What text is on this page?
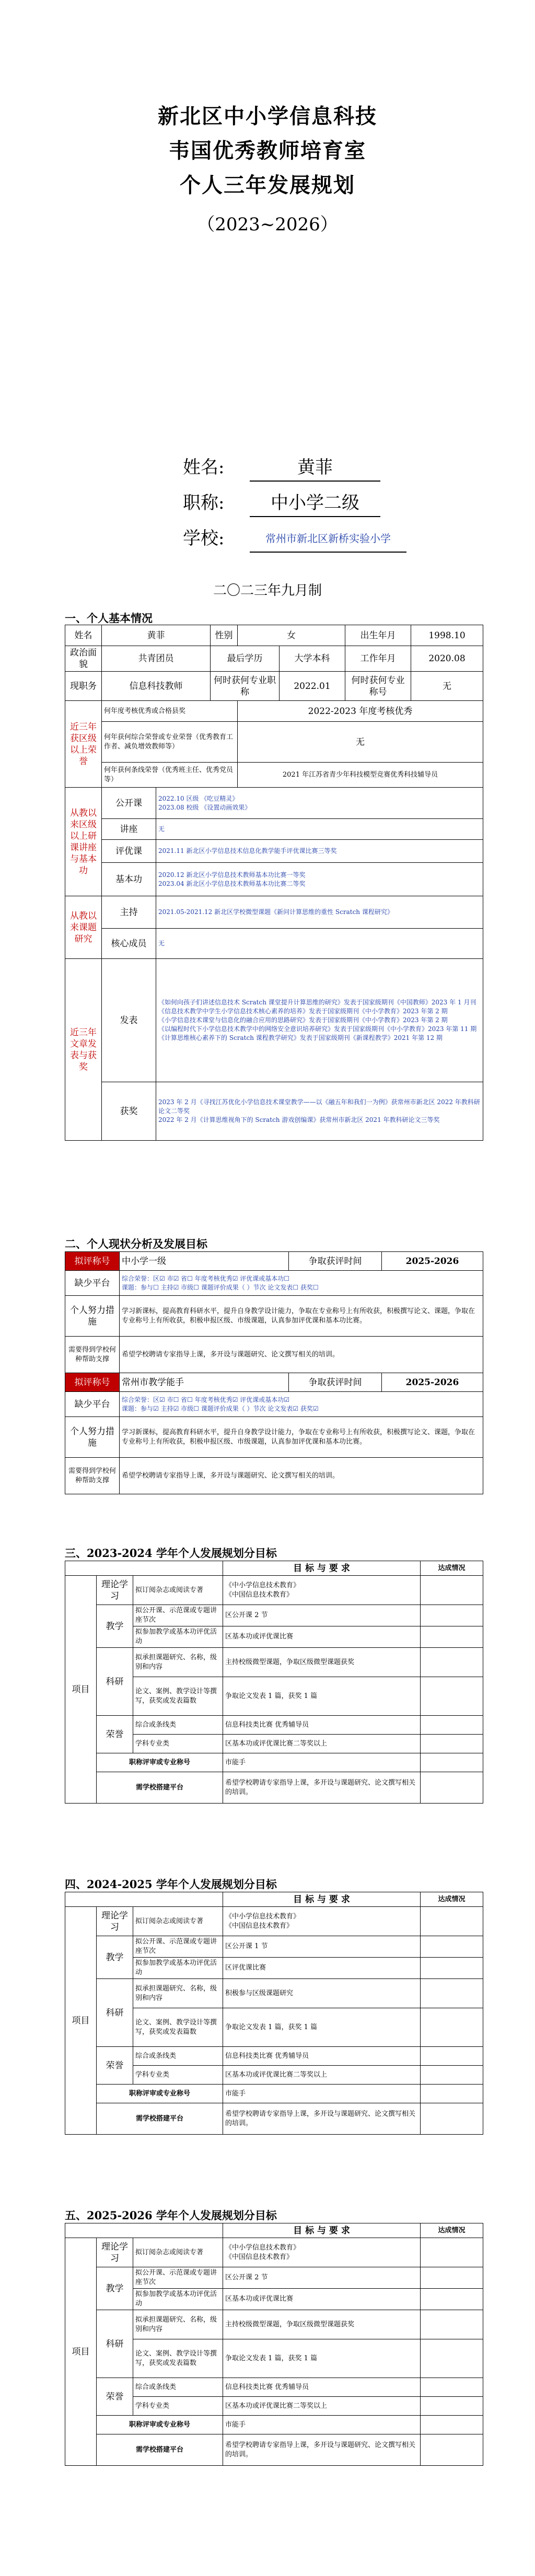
新北区中小学信息科技
韦国优秀教师培育室
个人三年发展规划
（2023~2026）
姓名:	黄菲
职称:	中小学二级
学校:	常州市新北区新桥实验小学
二〇二三年九月制
一、个人基本情况
姓名	黄菲		性别	女		出生年月	1998.10
政治面貌	共青团员		最后学历		大学本科	工作年月	2020.08
现职务	信息科技教师		何时获何专业职称		2022.01	何时获何专业称号	无
近三年获区级以上荣誉	何年度考核优秀或合格县奖			2022-2023 年度考核优秀			
	何年获何综合荣誉或专业荣誉（优秀教育工作者、减负增效教师等）			无			
	何年获何条线荣誉（优秀班主任、优秀党员等）			2021 年江苏省青少年科技模型竞赛优秀科技辅导员			
从教以来区级以上研课讲座与基本功	公开课	2022.10 区级 《吃豆精灵》
2023.08 校级 《设置动画效果》					
	讲座	无					
	评优课	2021.11 新北区小学信息技术信息化教学能手评优课比赛三等奖					
	基本功	2020.12 新北区小学信息技术教师基本功比赛一等奖
2023.04 新北区小学信息技术教师基本功比赛二等奖					
从教以来课题研究	主持	2021.05-2021.12 新北区学校微型课题《新问计算思维的重性 Scratch 课程研究》					
	核心成员	无					
近三年文章发表与获奖	发表	《如何向孩子们讲述信息技术 Scratch 课堂提升计算思维的研究》发表于国家级期刊《中国教师》2023 年 1 月刊
《信息技术教学中学生小学信息技术核心素养的培养》发表于国家级期刊《中小学教育》2023 年第 2 期
《小学信息技术课堂与信息化的融合应用的思路研究》发表于国家级期刊《中小学教育》2023 年第 2 期
《以编程时代下小学信息技术教学中的网络安全意识培养研究》发表于国家级期刊《中小学教育》2023 年第 11 期
《计算思维核心素养下的 Scratch 课程教学研究》发表于国家级期刊《新课程教学》2021 年第 12 期					
	获奖	2023 年 2 月《寻找江苏优化小学信息技术课堂教学——以《融五年和我们一为例》获常州市新北区 2022 年教科研论文二等奖
2022 年 2 月《计算思维视角下的 Scratch 游戏创编课》获常州市新北区 2021 年教科研论文三等奖					
二、个人现状分析及发展目标
拟评称号	中小学一级	争取获评时间	2025-2026
缺少平台	综合荣誉：区☑ 市☑ 省☐ 年度考核优秀☑ 评优课或基本功☐
课题：参与☐ 主持☑ 市级☐ 课题评价成果（ ）节次 论文发表☐ 获奖☐		

个人努力措施	学习新课标，提高教育科研水平，提升自身教学设计能力，争取在专业称号上有所收获，积极撰写论文、课题，争取在专业称号上有所收获，积极申报区级、市级课题，认真参加评优课和基本功比赛。		
需要得到学校何种帮助支撑	希望学校聘请专家指导上课，多开设与课题研究、论文撰写相关的培训。		
拟评称号	常州市教学能手	争取获评时间	2025-2026
缺少平台	综合荣誉：区☑ 市☐ 省☐ 年度考核优秀☑ 评优课或基本功☑
课题：参与☑ 主持☑ 市级☐ 课题评价成果（ ）节次 论文发表☑ 获奖☑		

个人努力措施	学习新课标，提高教育科研水平，提升自身教学设计能力，争取在专业称号上有所收获，积极撰写论文、课题，争取在专业称号上有所收获，积极申报区级、市级课题，认真参加评优课和基本功比赛。		
需要得到学校何种帮助支撑	希望学校聘请专家指导上课，多开设与课题研究、论文撰写相关的培训。		
三、2023-2024 学年个人发展规划分目标
			目 标 与 要 求	达成情况
项目	理论学习	拟订阅杂志或阅读专著	《中小学信息技术教育》
《中国信息技术教育》	
	教学	拟公开课、示范课或专题讲座节次	区公开课 2 节	
		拟参加教学或基本功评优活动	区基本功或评优课比赛	
	科研	拟承担课题研究、名称，级别和内容	主持校级微型课题，争取区级微型课题获奖	
		论文、案例、教学设计等撰写，获奖或发表篇数	争取论文发表 1 篇，获奖 1 篇	
	荣誉	综合或条线类	信息科技类比赛 优秀辅导员	
		学科专业类	区基本功或评优课比赛二等奖以上	
	职称评审或专业称号		市能手	
	需学校搭建平台		希望学校聘请专家指导上课，多开设与课题研究、论文撰写相关的培训。	
四、2024-2025 学年个人发展规划分目标
			目 标 与 要 求	达成情况
项目	理论学习	拟订阅杂志或阅读专著	《中小学信息技术教育》
《中国信息技术教育》	
	教学	拟公开课、示范课或专题讲座节次	区公开课 1 节	
		拟参加教学或基本功评优活动	区评优课比赛	
	科研	拟承担课题研究、名称，级别和内容	积极参与区级课题研究	
		论文、案例、教学设计等撰写，获奖或发表篇数	争取论文发表 1 篇，获奖 1 篇	
	荣誉	综合或条线类	信息科技类比赛 优秀辅导员	
		学科专业类	区基本功或评优课比赛二等奖以上	
	职称评审或专业称号		市能手	
	需学校搭建平台		希望学校聘请专家指导上课，多开设与课题研究、论文撰写相关的培训。	
五、2025-2026 学年个人发展规划分目标
			目 标 与 要 求	达成情况
项目	理论学习	拟订阅杂志或阅读专著	《中小学信息技术教育》
《中国信息技术教育》	
	教学	拟公开课、示范课或专题讲座节次	区公开课 2 节	
		拟参加教学或基本功评优活动	区基本功或评优课比赛	
	科研	拟承担课题研究、名称，级别和内容	主持校级微型课题，争取区级微型课题获奖	
		论文、案例、教学设计等撰写，获奖或发表篇数	争取论文发表 1 篇，获奖 1 篇	
	荣誉	综合或条线类	信息科技类比赛 优秀辅导员	
		学科专业类	区基本功或评优课比赛二等奖以上	
	职称评审或专业称号		市能手	
	需学校搭建平台		希望学校聘请专家指导上课，多开设与课题研究、论文撰写相关的培训。	
